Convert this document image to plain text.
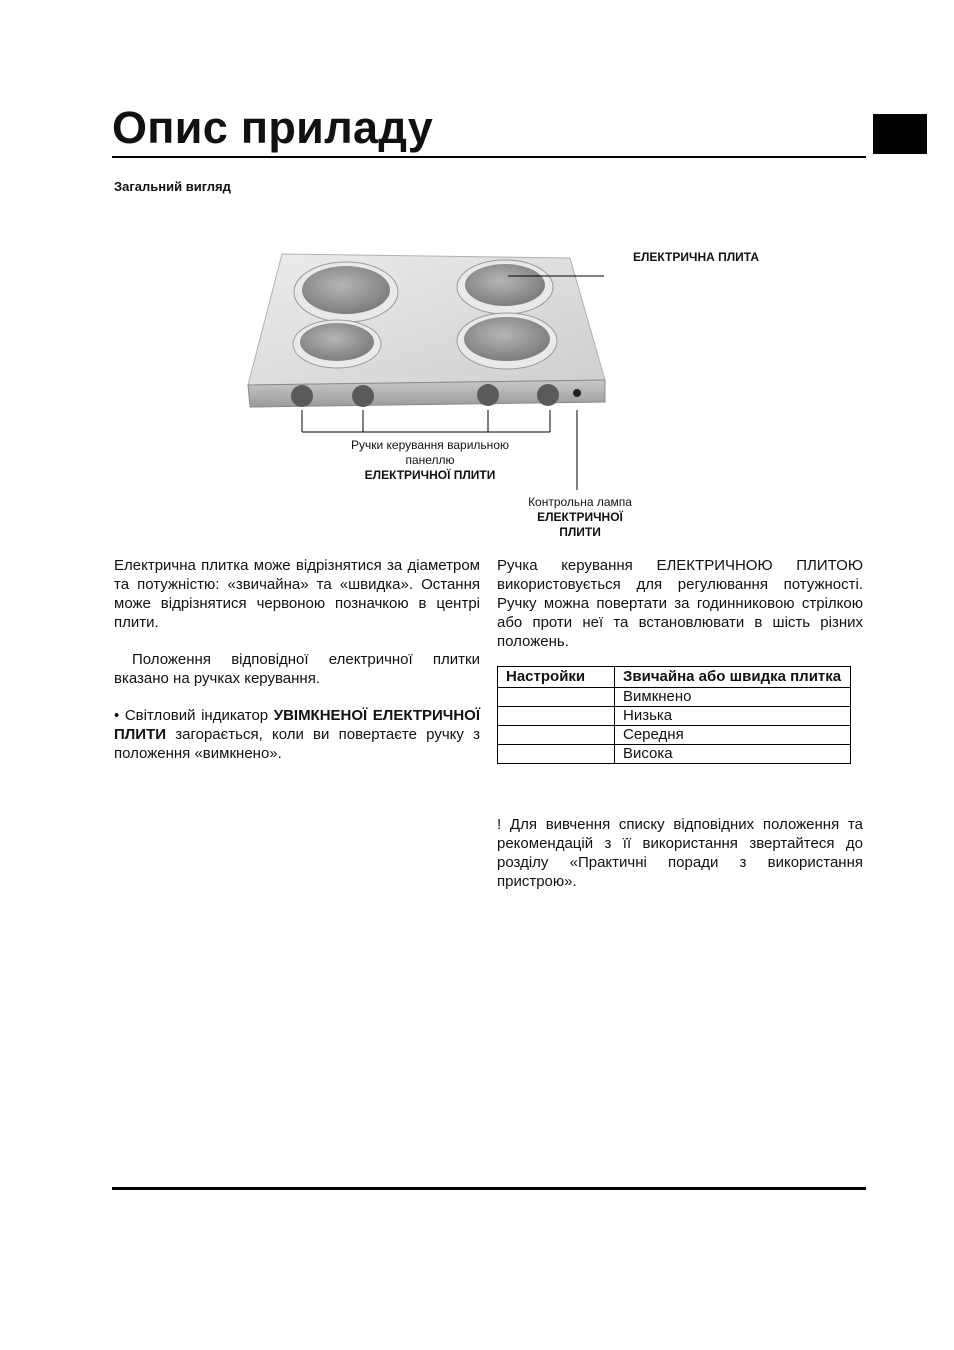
Опис приладу
Загальний вигляд
ЕЛЕКТРИЧНА ПЛИТА
Ручки керування варильною
панеллю
ЕЛЕКТРИЧНОЇ ПЛИТИ
Контрольна лампа
ЕЛЕКТРИЧНОЇ
ПЛИТИ

Електрична плитка може відрізнятися за діаметром та потужністю: «звичайна» та «швидка». Остання може відрізнятися червоною позначкою в центрі плити.

Положення відповідної електричної плитки вказано на ручках керування.

• Світловий індикатор УВІМКНЕНОЇ ЕЛЕКТРИЧНОЇ ПЛИТИ загорається, коли ви повертаєте ручку з положення «вимкнено».

Ручка керування ЕЛЕКТРИЧНОЮ ПЛИТОЮ використовується для регулювання потужності. Ручку можна повертати за годинниковою стрілкою або проти неї та встановлювати в шість різних положень.

Настройки	Звичайна або швидка плитка
	Вимкнено
	Низька
	Середня
	Висока

! Для вивчення списку відповідних положення та рекомендацій з її використання звертайтеся до розділу «Практичні поради з використання пристрою».
